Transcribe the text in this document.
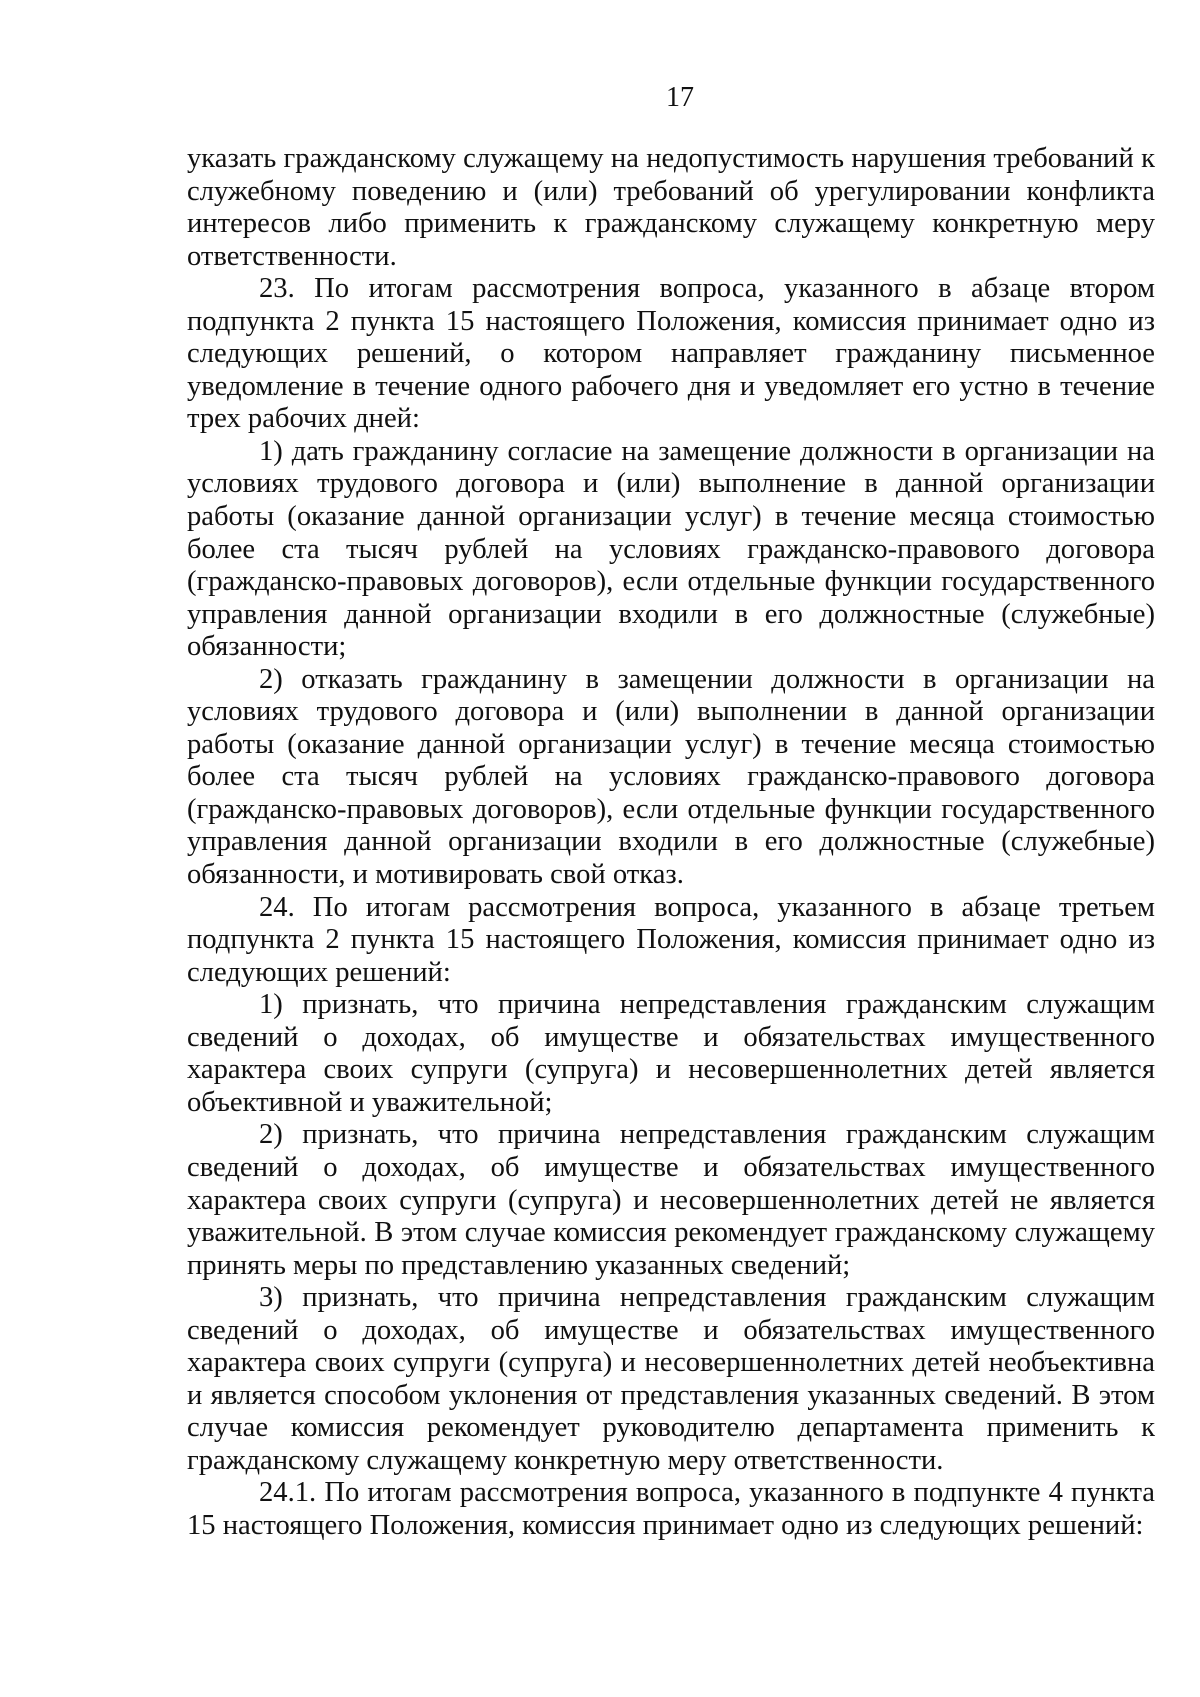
17

указать гражданскому служащему на недопустимость нарушения требований к служебному поведению и (или) требований об урегулировании конфликта интересов либо применить к гражданскому служащему конкретную меру ответственности.

23. По итогам рассмотрения вопроса, указанного в абзаце втором подпункта 2 пункта 15 настоящего Положения, комиссия принимает одно из следующих решений, о котором направляет гражданину письменное уведомление в течение одного рабочего дня и уведомляет его устно в течение трех рабочих дней:

1) дать гражданину согласие на замещение должности в организации на условиях трудового договора и (или) выполнение в данной организации работы (оказание данной организации услуг) в течение месяца стоимостью более ста тысяч рублей на условиях гражданско-правового договора (гражданско-правовых договоров), если отдельные функции государственного управления данной организации входили в его должностные (служебные) обязанности;

2) отказать гражданину в замещении должности в организации на условиях трудового договора и (или) выполнении в данной организации работы (оказание данной организации услуг) в течение месяца стоимостью более ста тысяч рублей на условиях гражданско-правового договора (гражданско-правовых договоров), если отдельные функции государственного управления данной организации входили в его должностные (служебные) обязанности, и мотивировать свой отказ.

24. По итогам рассмотрения вопроса, указанного в абзаце третьем подпункта 2 пункта 15 настоящего Положения, комиссия принимает одно из следующих решений:

1) признать, что причина непредставления гражданским служащим сведений о доходах, об имуществе и обязательствах имущественного характера своих супруги (супруга) и несовершеннолетних детей является объективной и уважительной;

2) признать, что причина непредставления гражданским служащим сведений о доходах, об имуществе и обязательствах имущественного характера своих супруги (супруга) и несовершеннолетних детей не является уважительной. В этом случае комиссия рекомендует гражданскому служащему принять меры по представлению указанных сведений;

3) признать, что причина непредставления гражданским служащим сведений о доходах, об имуществе и обязательствах имущественного характера своих супруги (супруга) и несовершеннолетних детей необъективна и является способом уклонения от представления указанных сведений. В этом случае комиссия рекомендует руководителю департамента применить к гражданскому служащему конкретную меру ответственности.

24.1. По итогам рассмотрения вопроса, указанного в подпункте 4 пункта 15 настоящего Положения, комиссия принимает одно из следующих решений:
